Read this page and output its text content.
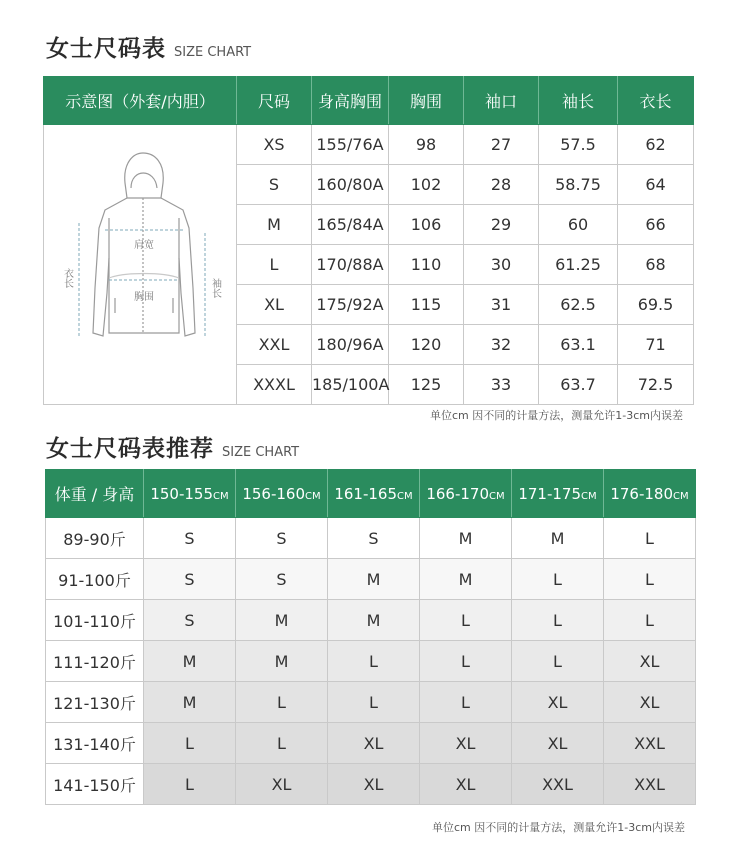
女士尺码表 SIZE CHART
示意图（外套/内胆）	尺码	身高胸围	胸围	袖口	袖长	衣长

肩宽
胸围
衣长 袖长	XS	155/76A	98	27	57.5	62
	S	160/80A	102	28	58.75	64
	M	165/84A	106	29	60	66
	L	170/88A	110	30	61.25	68
	XL	175/92A	115	31	62.5	69.5
	XXL	180/96A	120	32	63.1	71
	XXXL	185/100A	125	33	63.7	72.5
单位cm 因不同的计量方法，测量允许1-3cm内误差
女士尺码表推荐 SIZE CHART
体重 / 身高	150-155CM	156-160CM	161-165CM	166-170CM	171-175CM	176-180CM
89-90斤	S	S	S	M	M	L
91-100斤	S	S	M	M	L	L
101-110斤	S	M	M	L	L	L
111-120斤	M	M	L	L	L	XL
121-130斤	M	L	L	L	XL	XL
131-140斤	L	L	XL	XL	XL	XXL
141-150斤	L	XL	XL	XL	XXL	XXL
单位cm 因不同的计量方法，测量允许1-3cm内误差
